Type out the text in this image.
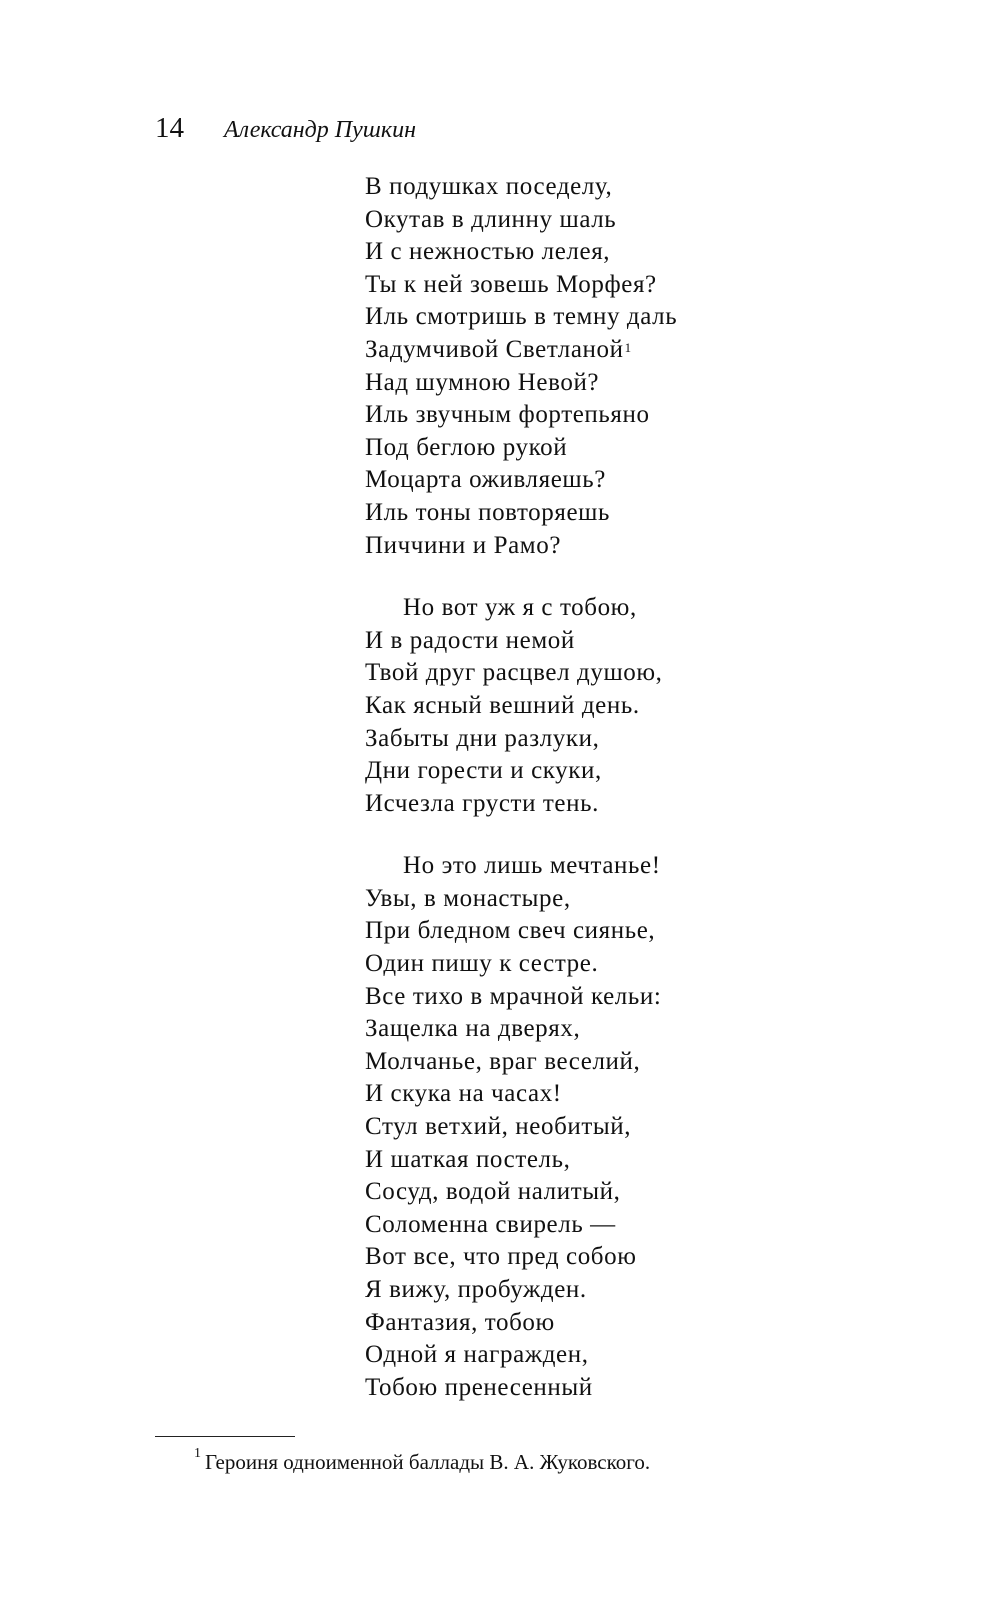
14 Александр Пушкин
В подушках поседелу,
Окутав в длинну шаль
И с нежностью лелея,
Ты к ней зовешь Морфея?
Иль смотришь в темну даль
Задумчивой Светланой$^1$
Над шумною Невой?
Иль звучным фортепьяно
Под беглою рукой
Моцарта оживляешь?
Иль тоны повторяешь
Пиччини и Рамо?
Но вот уж я с тобою,
И в радости немой
Твой друг расцвел душою,
Как ясный вешний день.
Забыты дни разлуки,
Дни горести и скуки,
Исчезла грусти тень.
Но это лишь мечтанье!
Увы, в монастыре,
При бледном свеч сиянье,
Один пишу к сестре.
Все тихо в мрачной кельи:
Защелка на дверях,
Молчанье, враг веселий,
И скука на часах!
Стул ветхий, необитый,
И шаткая постель,
Сосуд, водой налитый,
Соломенна свирель —
Вот все, что пред собою
Я вижу, пробужден.
Фантазия, тобою
Одной я награжден,
Тобою пренесенный
$^1$ Героиня одноименной баллады В. А. Жуковского.
